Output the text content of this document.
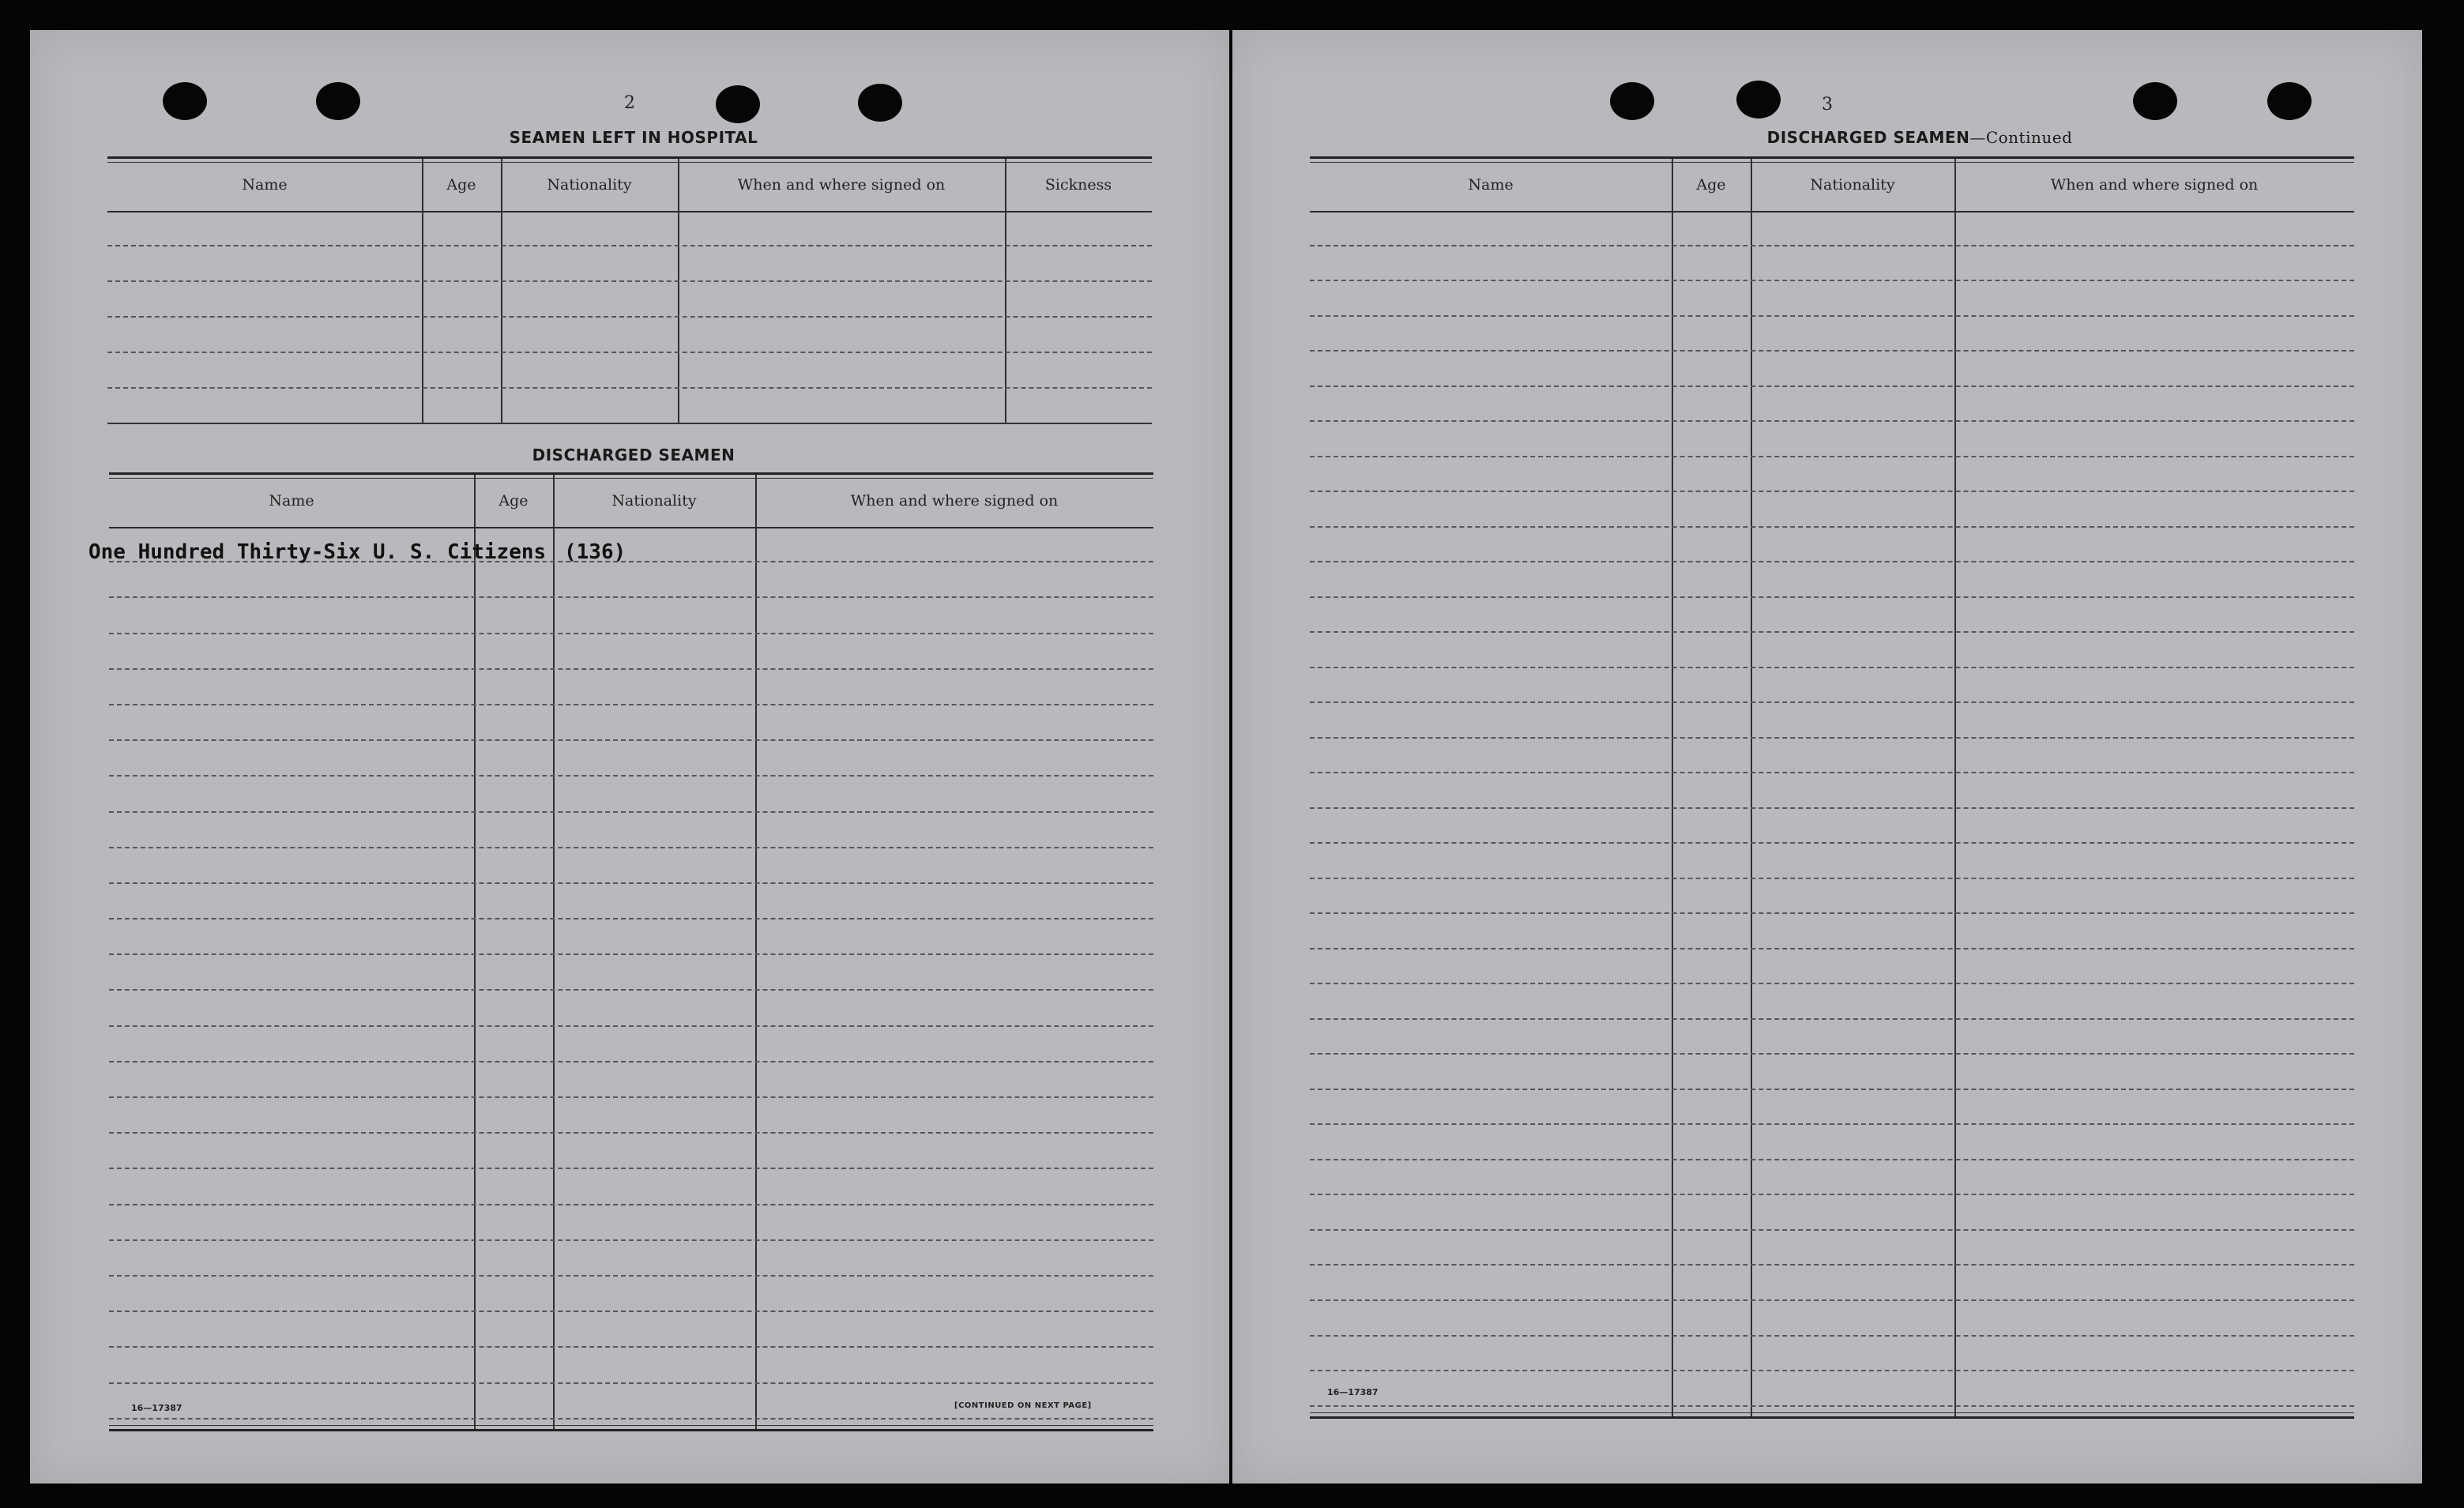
2
SEAMEN LEFT IN HOSPITAL
Name	Age	Nationality	When and where signed on	Sickness
DISCHARGED SEAMEN
Name	Age	Nationality	When and where signed on
One Hundred Thirty-Six U. S. Citizens (136)
16—17387	[CONTINUED ON NEXT PAGE]
3
DISCHARGED SEAMEN—Continued
Name	Age	Nationality	When and where signed on
16—17387
